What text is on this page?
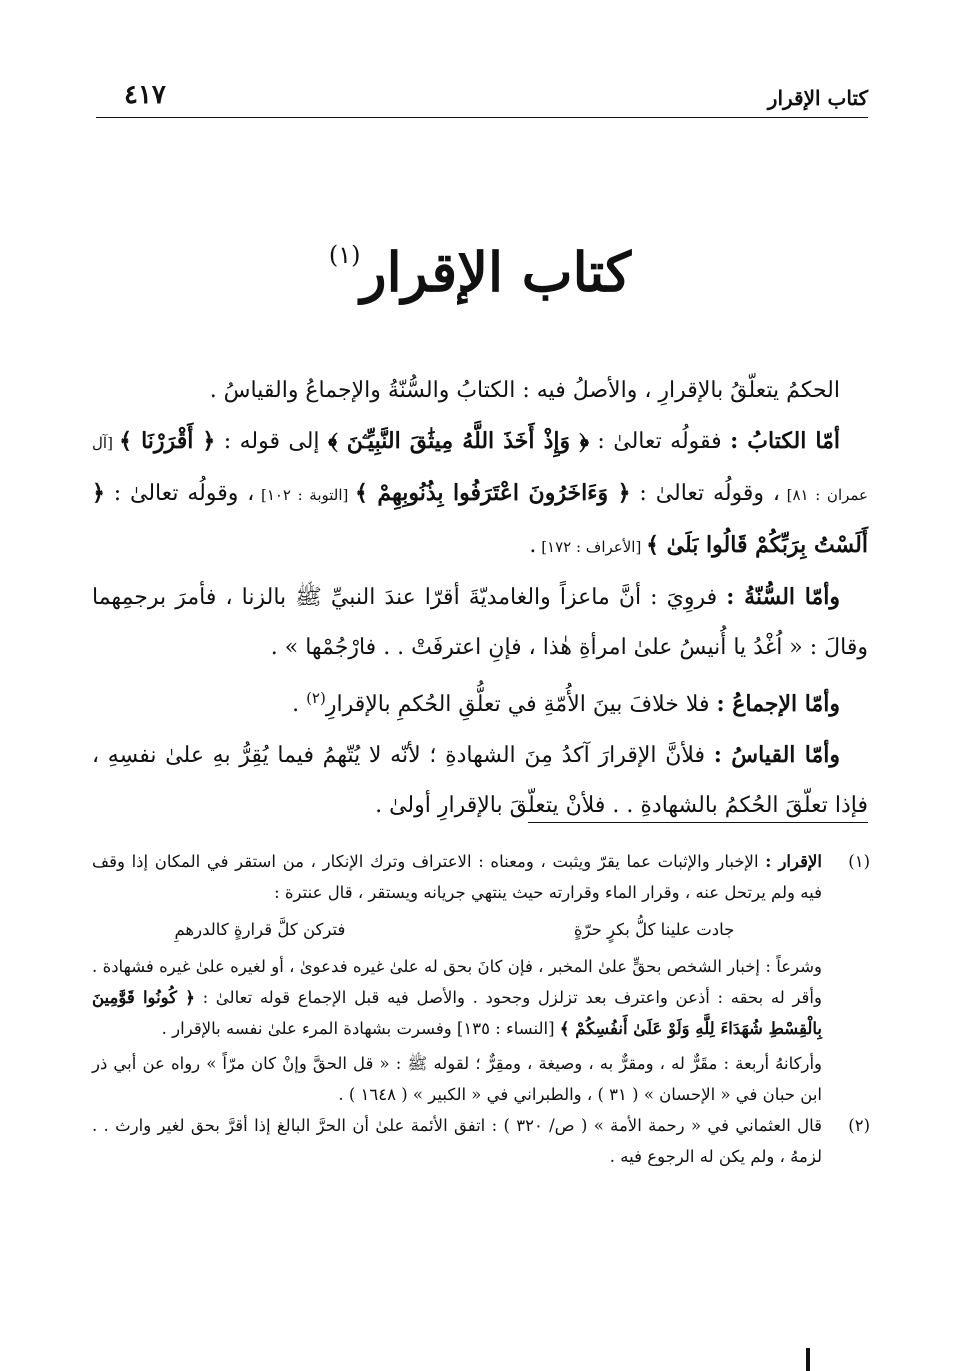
كتاب الإقرار
٤١٧
كتاب الإقرار$^{(١)}$

الحكمُ يتعلّقُ بالإقرارِ ، والأصلُ فيه : الكتابُ والسُّنّةُ والإجماعُ والقياسُ .

أمّا الكتابُ : فقولُه تعالىٰ : ﴿ وَإِذْ أَخَذَ اللَّهُ مِيثَٰقَ النَّبِيِّـۧنَ ﴾ إلى قوله : ﴿ أَقْرَرْنَا ﴾ [آل عمران : ٨١] ، وقولُه تعالىٰ : ﴿ وَءَاخَرُونَ اعْتَرَفُوا بِذُنُوبِهِمْ ﴾ [التوبة : ١٠٢] ، وقولُه تعالىٰ : ﴿ أَلَسْتُ بِرَبِّكُمْ قَالُوا بَلَىٰ ﴾ [الأعراف : ١٧٢] .

وأمّا السُّنّةُ : فروِيَ : أنَّ ماعزاً والغامديّةَ أقرّا عندَ النبيِّ ﷺ بالزنا ، فأمرَ برجمِهما وقالَ : « اُغْدُ يا أُنيسُ علىٰ امرأةِ هٰذا ، فإنِ اعترفَتْ . . فارْجُمْها » .

وأمّا الإجماعُ : فلا خلافَ بينَ الأُمّةِ في تعلُّقِ الحُكمِ بالإقرارِ$^{(٢)}$ .

وأمّا القياسُ : فلأنَّ الإقرارَ آكدُ مِنَ الشهادةِ ؛ لأنّه لا يُتّهمُ فيما يُقِرُّ بهِ علىٰ نفسِهِ ، فإذا تعلّقَ الحُكمُ بالشهادةِ . . فلأنْ يتعلّقَ بالإقرارِ أولىٰ .

(١)

الإقرار : الإخبار والإثبات عما يقرّ ويثبت ، ومعناه : الاعتراف وترك الإنكار ، من استقر في المكان إذا وقف فيه ولم يرتحل عنه ، وقرار الماء وقرارته حيث ينتهي جريانه ويستقر ، قال عنترة :

جادت علينا كلُّ بكرٍ حرّةٍ
فتركن كلَّ قرارةٍ كالدرهمِ

وشرعاً : إخبار الشخص بحقٍّ علىٰ المخبر ، فإن كانَ بحق له علىٰ غيره فدعوىٰ ، أو لغيره علىٰ غيره فشهادة . وأقر له بحقه : أذعن واعترف بعد تزلزل وجحود . والأصل فيه قبل الإجماع قوله تعالىٰ : ﴿ كُونُوا قَوَّٰمِينَ بِالْقِسْطِ شُهَدَاءَ لِلَّهِ وَلَوْ عَلَىٰ أَنفُسِكُمْ ﴾ [النساء : ١٣٥] وفسرت بشهادة المرء علىٰ نفسه بالإقرار .

وأركانهُ أربعة : مقَرٌّ له ، ومقرٌّ به ، وصيغة ، ومقِرٌّ ؛ لقوله ﷺ : « قل الحقَّ وإنْ كان مرّاً » رواه عن أبي ذر ابن حبان في « الإحسان » ( ٣١ ) ، والطبراني في « الكبير » ( ١٦٤٨ ) .

(٢)

قال العثماني في « رحمة الأمة » ( ص/ ٣٢٠ ) : اتفق الأئمة علىٰ أن الحرَّ البالغ إذا أقرَّ بحق لغير وارث . . لزمهُ ، ولم يكن له الرجوع فيه .
